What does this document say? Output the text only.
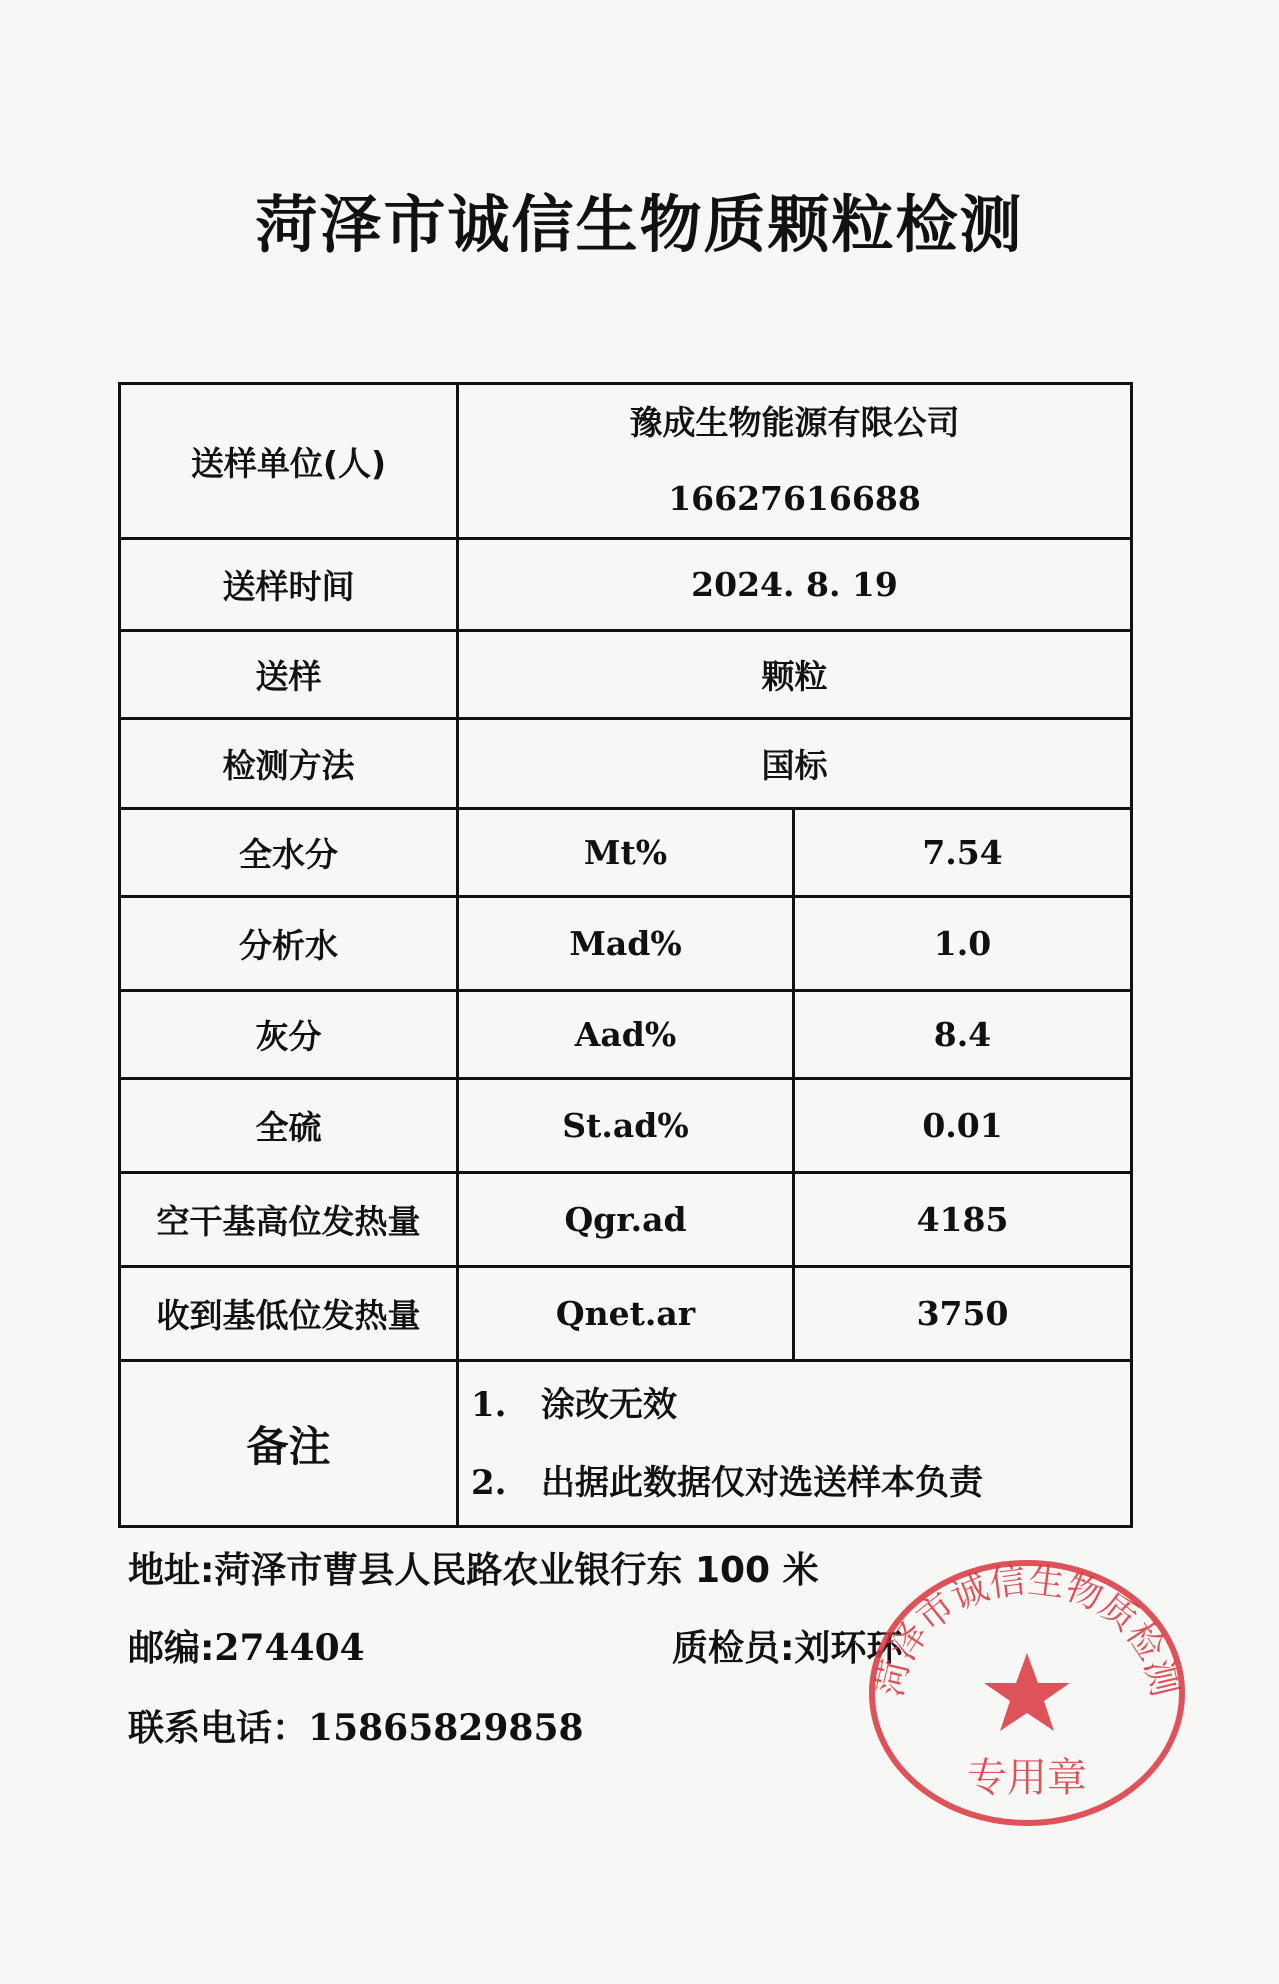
菏泽市诚信生物质颗粒检测
送样单位(人)	豫成生物能源有限公司
16627616688	

送样时间	2024. 8. 19	
送样	颗粒	
检测方法	国标	
全水分	Mt%	7.54
分析水	Mad%	1.0
灰分	Aad%	8.4
全硫	St.ad%	0.01
空干基高位发热量	Qgr.ad	4185
收到基低位发热量	Qnet.ar	3750
备注	1. 涂改无效
2. 出据此数据仅对选送样本负责	
地址:菏泽市曹县人民路农业银行东 100 米
邮编:274404	质检员:刘环环
联系电话：15865829858
菏泽市诚信生物质检测
专用章
